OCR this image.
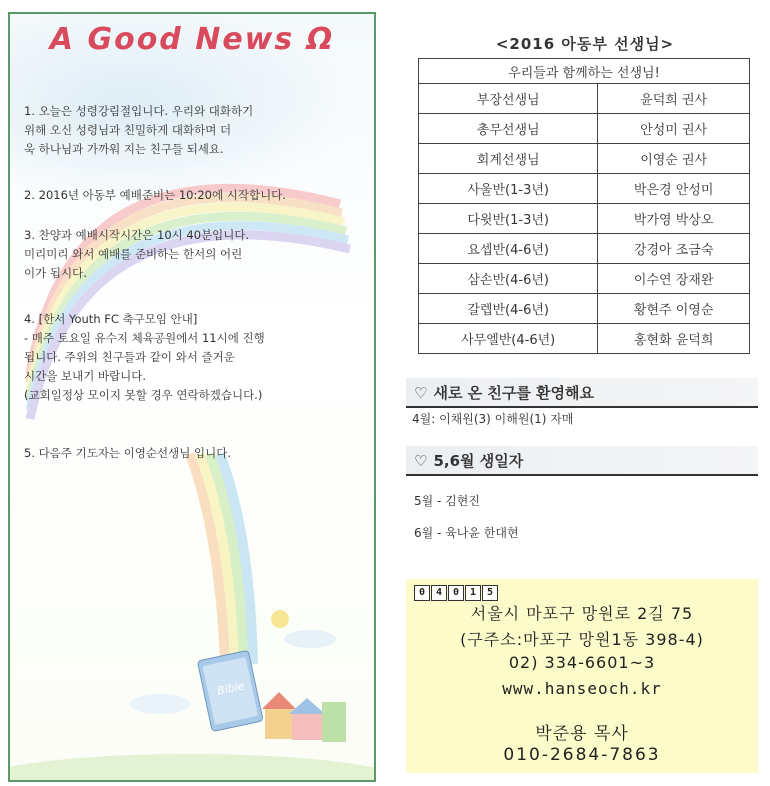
A Good News Ω
1. 오늘은 성령강림절입니다. 우리와 대화하기
위해 오신 성령님과 친밀하게 대화하며 더
욱 하나님과 가까워 지는 친구들 되세요.
2. 2016년 아동부 예배준비는 10:20에 시작합니다.
3. 찬양과 예배시작시간은 10시 40분입니다.
미리미리 와서 예배를 준비하는 한서의 어린
이가 됩시다.
4. [한서 Youth FC 축구모임 안내]
- 매주 토요일 유수지 체육공원에서 11시에 진행
됩니다. 주위의 친구들과 같이 와서 즐거운
시간을 보내기 바랍니다.
(교회일정상 모이지 못할 경우 연락하겠습니다.)
5. 다음주 기도자는 이영순선생님 입니다.
Bible
<2016 아동부 선생님>
우리들과 함께하는 선생님!	
부장선생님	윤덕희 권사
총무선생님	안성미 권사
회계선생님	이영순 권사
사울반(1-3년)	박은경 안성미
다윗반(1-3년)	박가영 박상오
요셉반(4-6년)	강경아 조금숙
삼손반(4-6년)	이수연 장재완
갈렙반(4-6년)	황현주 이영순
사무엘반(4-6년)	홍현화 윤덕희
♡ 새로 온 친구를 환영해요
4월: 이채원(3) 이해원(1) 자매
♡ 5,6월 생일자
5월 - 김현진
6월 - 육나윤 한대현
0	4	0	1	5
서울시 마포구 망원로 2길 75
(구주소:마포구 망원1동 398-4)
02) 334-6601~3
www.hanseoch.kr
박준용 목사
010-2684-7863
